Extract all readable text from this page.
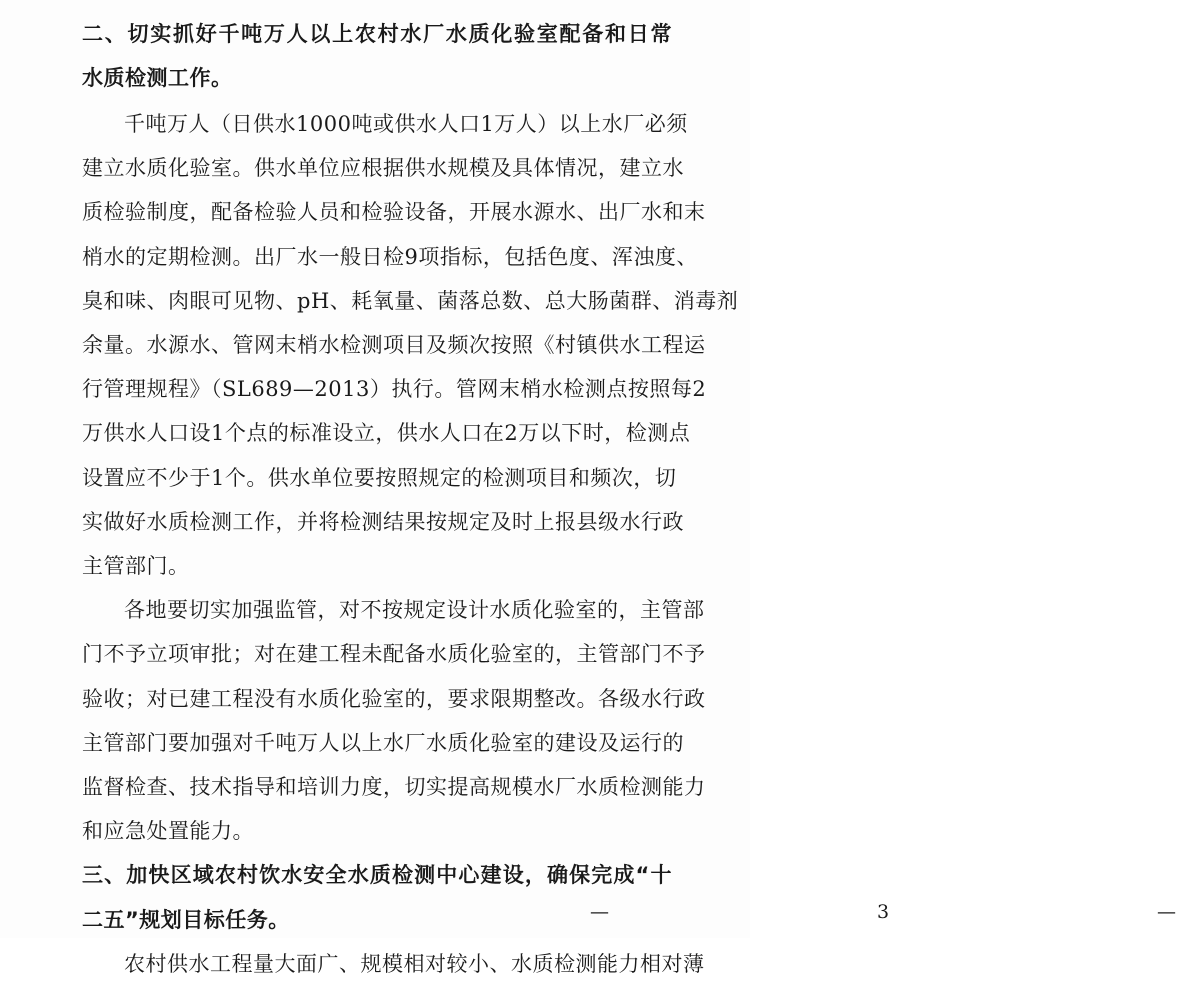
二、切实抓好千吨万人以上农村水厂水质化验室配备和日常

水质检测工作。

千吨万人（日供水1000吨或供水人口1万人）以上水厂必须

建立水质化验室。供水单位应根据供水规模及具体情况，建立水

质检验制度，配备检验人员和检验设备，开展水源水、出厂水和末

梢水的定期检测。出厂水一般日检9项指标，包括色度、浑浊度、

臭和味、肉眼可见物、pH、耗氧量、菌落总数、总大肠菌群、消毒剂

余量。水源水、管网末梢水检测项目及频次按照《村镇供水工程运

行管理规程》（SL689—2013）执行。管网末梢水检测点按照每2

万供水人口设1个点的标准设立，供水人口在2万以下时，检测点

设置应不少于1个。供水单位要按照规定的检测项目和频次，切

实做好水质检测工作，并将检测结果按规定及时上报县级水行政

主管部门。

各地要切实加强监管，对不按规定设计水质化验室的，主管部

门不予立项审批；对在建工程未配备水质化验室的，主管部门不予

验收；对已建工程没有水质化验室的，要求限期整改。各级水行政

主管部门要加强对千吨万人以上水厂水质化验室的建设及运行的

监督检查、技术指导和培训力度，切实提高规模水厂水质检测能力

和应急处置能力。

— 3 —

三、加快区域农村饮水安全水质检测中心建设，确保完成“十

二五”规划目标任务。

农村供水工程量大面广、规模相对较小、水质检测能力相对薄
